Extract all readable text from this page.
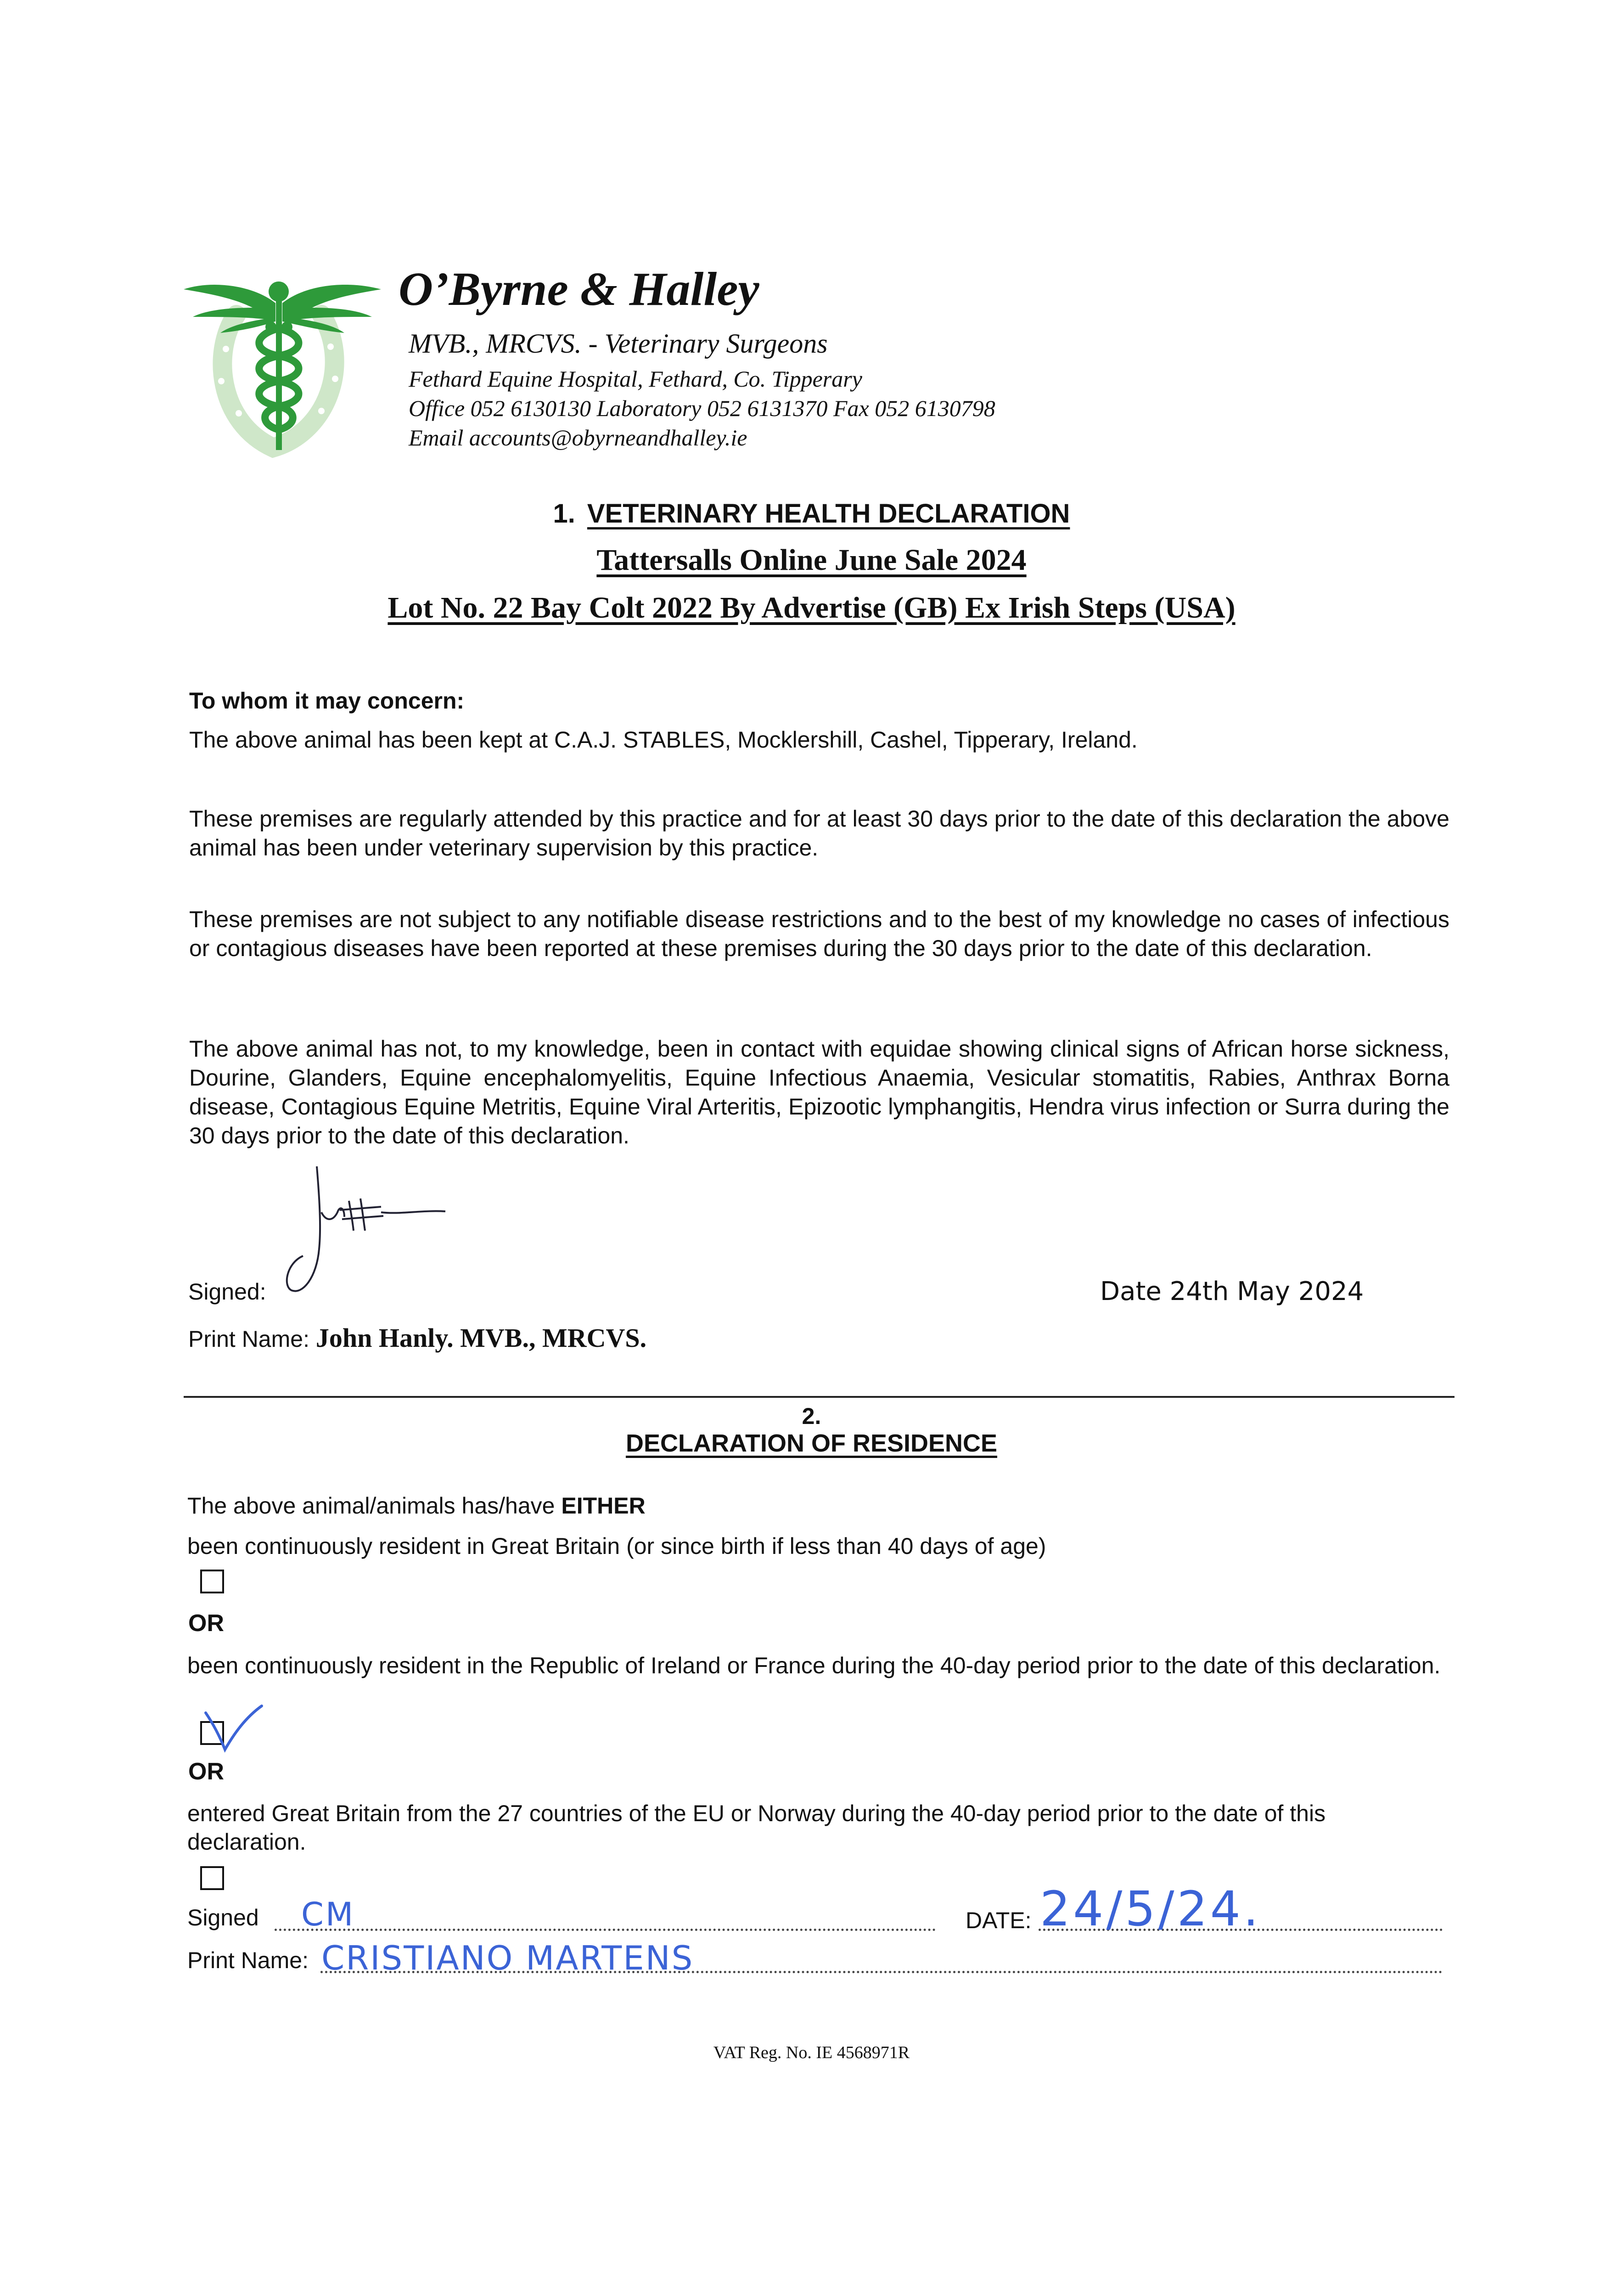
O’Byrne & Halley
MVB., MRCVS. - Veterinary Surgeons
Fethard Equine Hospital, Fethard, Co. Tipperary
Office 052 6130130 Laboratory 052 6131370 Fax 052 6130798
Email accounts@obyrneandhalley.ie
1. VETERINARY HEALTH DECLARATION
Tattersalls Online June Sale 2024
Lot No. 22 Bay Colt 2022 By Advertise (GB) Ex Irish Steps (USA)
To whom it may concern:
The above animal has been kept at C.A.J. STABLES, Mocklershill, Cashel, Tipperary, Ireland.
These premises are regularly attended by this practice and for at least 30 days prior to the date of this declaration the above animal has been under veterinary supervision by this practice.
These premises are not subject to any notifiable disease restrictions and to the best of my knowledge no cases of infectious or contagious diseases have been reported at these premises during the 30 days prior to the date of this declaration.
The above animal has not, to my knowledge, been in contact with equidae showing clinical signs of African horse sickness, Dourine, Glanders, Equine encephalomyelitis, Equine Infectious Anaemia, Vesicular stomatitis, Rabies, Anthrax Borna disease, Contagious Equine Metritis, Equine Viral Arteritis, Epizootic lymphangitis, Hendra virus infection or Surra during the 30 days prior to the date of this declaration.
Signed:	Date 24th May 2024
Print Name: John Hanly. MVB., MRCVS.
2.
DECLARATION OF RESIDENCE
The above animal/animals has/have EITHER
been continuously resident in Great Britain (or since birth if less than 40 days of age)
OR
been continuously resident in the Republic of Ireland or France during the 40-day period prior to the date of this declaration.
OR
entered Great Britain from the 27 countries of the EU or Norway during the 40-day period prior to the date of this declaration.
Signed CM	DATE: 24/5/24.
Print Name: CRISTIANO MARTENS
VAT Reg. No. IE 4568971R
